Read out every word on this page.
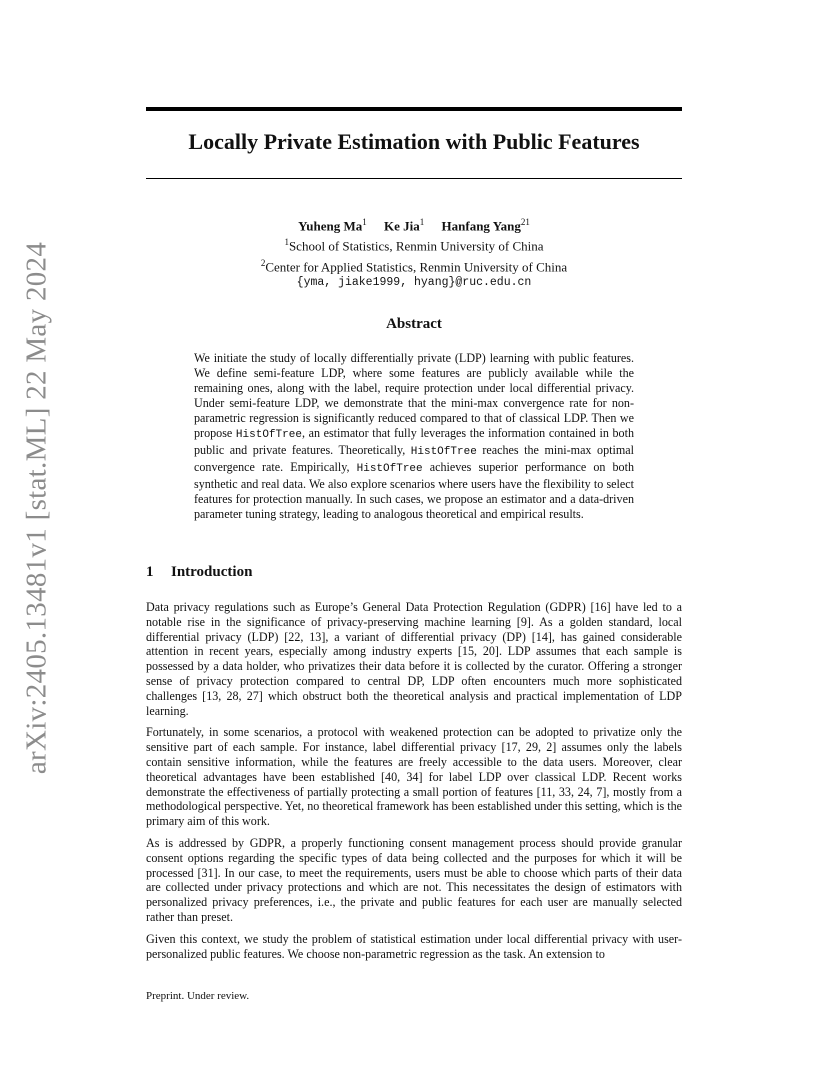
arXiv:2405.13481v1 [stat.ML] 22 May 2024
Locally Private Estimation with Public Features
Yuheng Ma$^1$ Ke Jia$^1$ Hanfang Yang$^{21}$
$^1$School of Statistics, Renmin University of China
$^2$Center for Applied Statistics, Renmin University of China
{yma, jiake1999, hyang}@ruc.edu.cn
Abstract

We initiate the study of locally differentially private (LDP) learning with public features. We define semi-feature LDP, where some features are publicly available while the remaining ones, along with the label, require protection under local differential privacy. Under semi-feature LDP, we demonstrate that the mini-max convergence rate for non-parametric regression is significantly reduced compared to that of classical LDP. Then we propose HistOfTree, an estimator that fully leverages the information contained in both public and private features. Theoretically, HistOfTree reaches the mini-max optimal convergence rate. Empirically, HistOfTree achieves superior performance on both synthetic and real data. We also explore scenarios where users have the flexibility to select features for protection manually. In such cases, we propose an estimator and a data-driven parameter tuning strategy, leading to analogous theoretical and empirical results.

1 Introduction

Data privacy regulations such as Europe’s General Data Protection Regulation (GDPR) [16] have led to a notable rise in the significance of privacy-preserving machine learning [9]. As a golden standard, local differential privacy (LDP) [22, 13], a variant of differential privacy (DP) [14], has gained considerable attention in recent years, especially among industry experts [15, 20]. LDP assumes that each sample is possessed by a data holder, who privatizes their data before it is collected by the curator. Offering a stronger sense of privacy protection compared to central DP, LDP often encounters much more sophisticated challenges [13, 28, 27] which obstruct both the theoretical analysis and practical implementation of LDP learning.

Fortunately, in some scenarios, a protocol with weakened protection can be adopted to privatize only the sensitive part of each sample. For instance, label differential privacy [17, 29, 2] assumes only the labels contain sensitive information, while the features are freely accessible to the data users. Moreover, clear theoretical advantages have been established [40, 34] for label LDP over classical LDP. Recent works demonstrate the effectiveness of partially protecting a small portion of features [11, 33, 24, 7], mostly from a methodological perspective. Yet, no theoretical framework has been established under this setting, which is the primary aim of this work.

As is addressed by GDPR, a properly functioning consent management process should provide granular consent options regarding the specific types of data being collected and the purposes for which it will be processed [31]. In our case, to meet the requirements, users must be able to choose which parts of their data are collected under privacy protections and which are not. This necessitates the design of estimators with personalized privacy preferences, i.e., the private and public features for each user are manually selected rather than preset.

Given this context, we study the problem of statistical estimation under local differential privacy with user-personalized public features. We choose non-parametric regression as the task. An extension to

Preprint. Under review.
